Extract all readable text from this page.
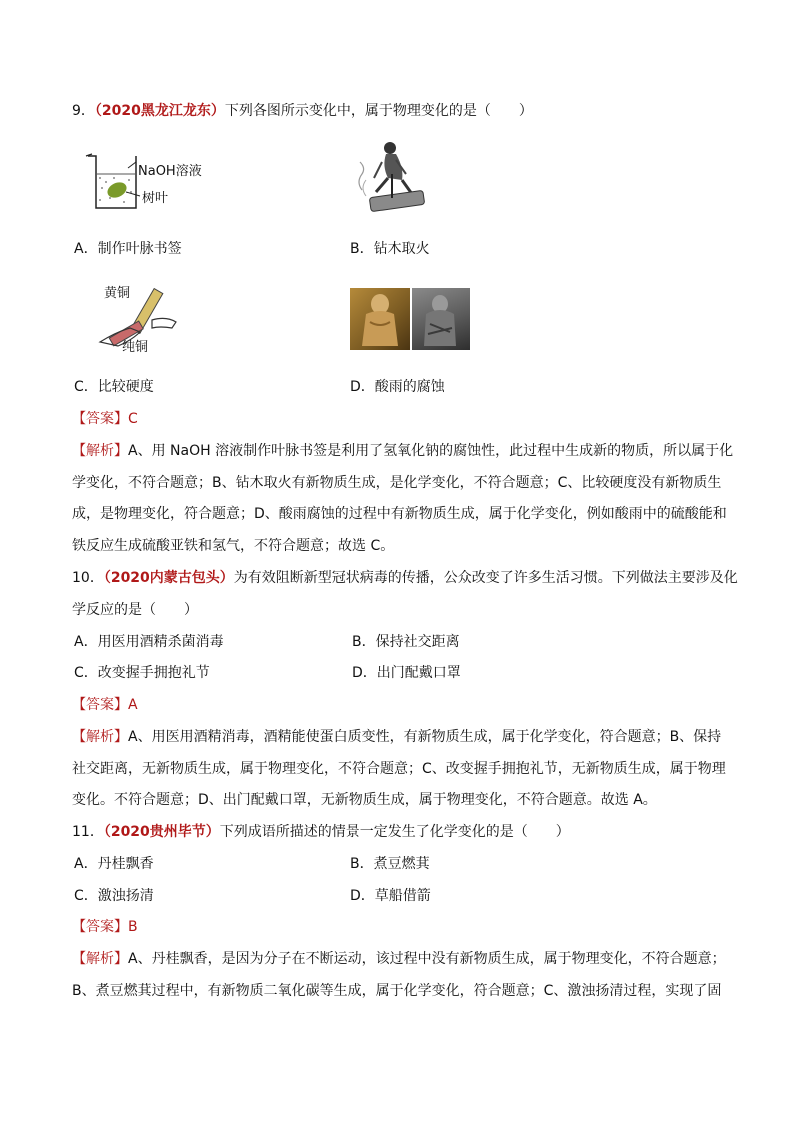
9．（2020黑龙江龙东）下列各图所示变化中，属于物理变化的是（　　）
NaOH溶液
树叶
A．制作叶脉书签	B．钻木取火
黄铜
纯铜
C．比较硬度	D．酸雨的腐蚀
【答案】C
【解析】A、用 NaOH 溶液制作叶脉书签是利用了氢氧化钠的腐蚀性，此过程中生成新的物质，所以属于化
学变化，不符合题意；B、钻木取火有新物质生成，是化学变化，不符合题意；C、比较硬度没有新物质生
成，是物理变化，符合题意；D、酸雨腐蚀的过程中有新物质生成，属于化学变化，例如酸雨中的硫酸能和
铁反应生成硫酸亚铁和氢气，不符合题意；故选 C。
10．（2020内蒙古包头）为有效阻断新型冠状病毒的传播，公众改变了许多生活习惯。下列做法主要涉及化
学反应的是（　　）
A．用医用酒精杀菌消毒	B．保持社交距离
C．改变握手拥抱礼节	D．出门配戴口罩
【答案】A
【解析】A、用医用酒精消毒，酒精能使蛋白质变性，有新物质生成，属于化学变化，符合题意；B、保持
社交距离，无新物质生成，属于物理变化，不符合题意；C、改变握手拥抱礼节，无新物质生成，属于物理
变化。不符合题意；D、出门配戴口罩，无新物质生成，属于物理变化，不符合题意。故选 A。
11．（2020贵州毕节）下列成语所描述的情景一定发生了化学变化的是（　　）
A．丹桂飘香	B．煮豆燃萁
C．激浊扬清	D．草船借箭
【答案】B
【解析】A、丹桂飘香，是因为分子在不断运动，该过程中没有新物质生成，属于物理变化，不符合题意；
B、煮豆燃萁过程中，有新物质二氧化碳等生成，属于化学变化，符合题意；C、激浊扬清过程，实现了固
